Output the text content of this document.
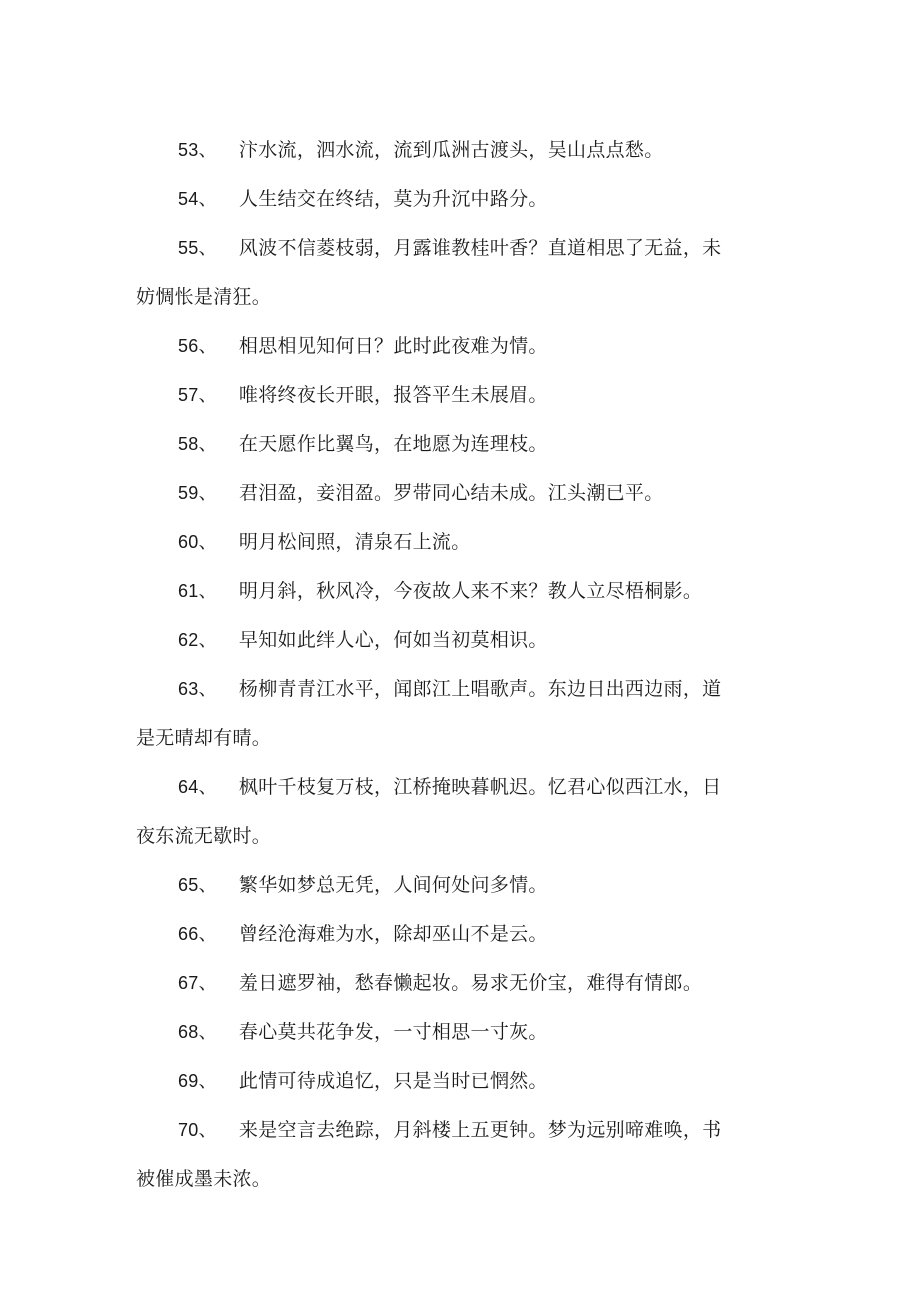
53、 汴水流，泗水流，流到瓜洲古渡头，吴山点点愁。

54、 人生结交在终结，莫为升沉中路分。

55、 风波不信菱枝弱，月露谁教桂叶香？直道相思了无益，未妨惆怅是清狂。

56、 相思相见知何日？此时此夜难为情。

57、 唯将终夜长开眼，报答平生未展眉。

58、 在天愿作比翼鸟，在地愿为连理枝。

59、 君泪盈，妾泪盈。罗带同心结未成。江头潮已平。

60、 明月松间照，清泉石上流。

61、 明月斜，秋风冷，今夜故人来不来？教人立尽梧桐影。

62、 早知如此绊人心，何如当初莫相识。

63、 杨柳青青江水平，闻郎江上唱歌声。东边日出西边雨，道是无晴却有晴。

64、 枫叶千枝复万枝，江桥掩映暮帆迟。忆君心似西江水，日夜东流无歇时。

65、 繁华如梦总无凭，人间何处问多情。

66、 曾经沧海难为水，除却巫山不是云。

67、 羞日遮罗袖，愁春懒起妆。易求无价宝，难得有情郎。

68、 春心莫共花争发，一寸相思一寸灰。

69、 此情可待成追忆，只是当时已惘然。

70、 来是空言去绝踪，月斜楼上五更钟。梦为远别啼难唤，书被催成墨未浓。
